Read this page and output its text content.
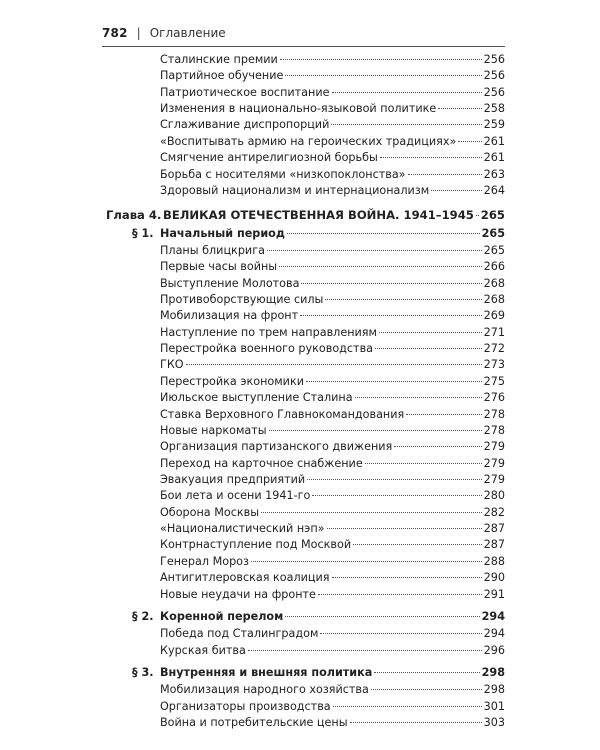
782 | Оглавление
Сталинские премии	256
Партийное обучение	256
Патриотическое воспитание	256
Изменения в национально-языковой политике	258
Сглаживание диспропорций	259
«Воспитывать армию на героических традициях» 261
Смягчение антирелигиозной борьбы	261
Борьба с носителями «низкопоклонства»	263
Здоровый национализм и интернационализм	264
Глава 4. ВЕЛИКАЯ ОТЕЧЕСТВЕННАЯ ВОЙНА. 1941–1945 265
§ 1. Начальный период	265
Планы блицкрига	265
Первые часы войны	266
Выступление Молотова	268
Противоборствующие силы	268
Мобилизация на фронт	269
Наступление по трем направлениям	271
Перестройка военного руководства	272
ГКО	273
Перестройка экономики	275
Июльское выступление Сталина	276
Ставка Верховного Главнокомандования	278
Новые наркоматы	278
Организация партизанского движения	279
Переход на карточное снабжение	279
Эвакуация предприятий	279
Бои лета и осени 1941-го	280
Оборона Москвы	282
«Националистический нэп»	287
Контрнаступление под Москвой	287
Генерал Мороз	288
Антигитлеровская коалиция	290
Новые неудачи на фронте	291
§ 2. Коренной перелом	294
Победа под Сталинградом	294
Курская битва	296
§ 3. Внутренняя и внешняя политика	298
Мобилизация народного хозяйства	298
Организаторы производства	301
Война и потребительские цены	303
